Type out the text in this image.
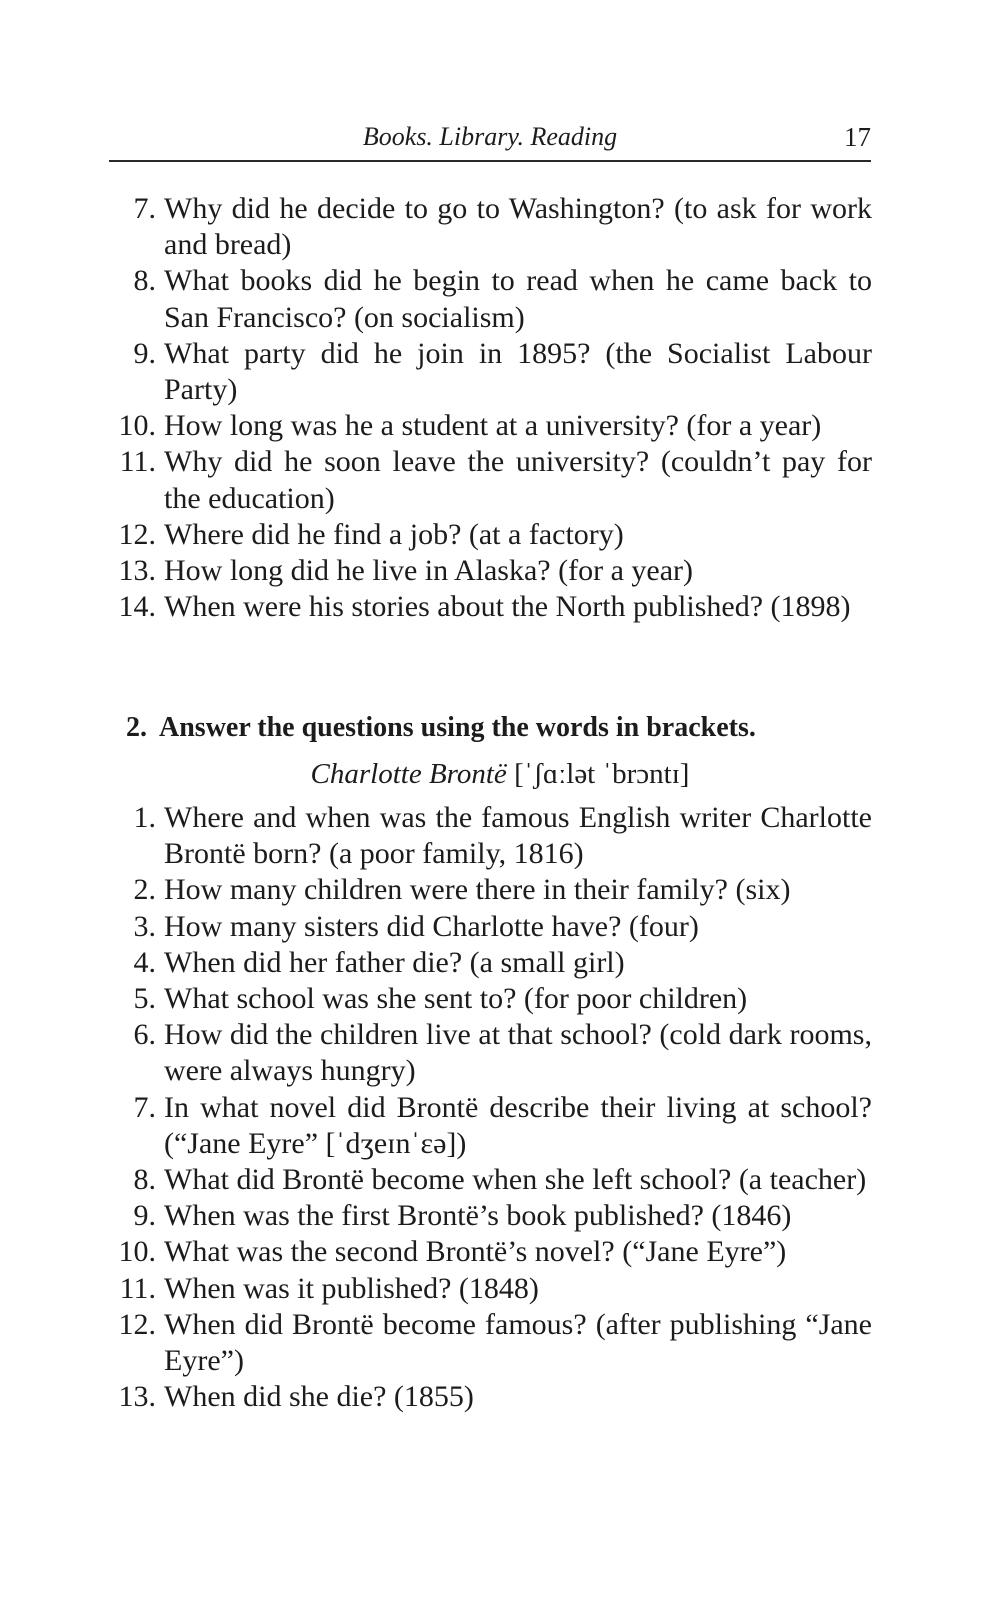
Books. Library. Reading	17
7. Why did he decide to go to Washington? (to ask for work and bread)
8. What books did he begin to read when he came back to San Francisco? (on socialism)
9. What party did he join in 1895? (the Socialist Labour Party)
10. How long was he a student at a university? (for a year)
11. Why did he soon leave the university? (couldn’t pay for the education)
12. Where did he find a job? (at a factory)
13. How long did he live in Alaska? (for a year)
14. When were his stories about the North published? (1898)
2. Answer the questions using the words in brackets.
Charlotte Brontë [ˈʃɑːlət ˈbrɔntɪ]
1. Where and when was the famous English writer Charlotte Brontë born? (a poor family, 1816)
2. How many children were there in their family? (six)
3. How many sisters did Charlotte have? (four)
4. When did her father die? (a small girl)
5. What school was she sent to? (for poor children)
6. How did the children live at that school? (cold dark rooms, were always hungry)
7. In what novel did Brontë describe their living at school? (“Jane Eyre” [ˈdʒeɪnˈɛə])
8. What did Brontë become when she left school? (a teacher)
9. When was the first Brontë’s book published? (1846)
10. What was the second Brontë’s novel? (“Jane Eyre”)
11. When was it published? (1848)
12. When did Brontë become famous? (after publishing “Jane Eyre”)
13. When did she die? (1855)
